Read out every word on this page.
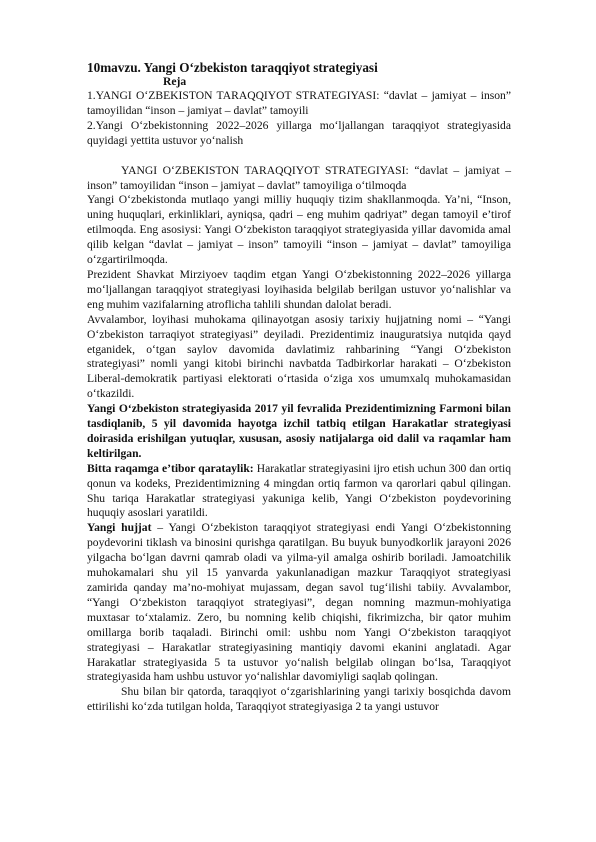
10mavzu. Yangi O‘zbekiston taraqqiyot strategiyasi
Reja

1.YANGI O‘ZBEKISTON TARAQQIYOT STRATEGIYASI: “davlat – jamiyat – inson” tamoyilidan “inson – jamiyat – davlat” tamoyili

2.Yangi O‘zbekistonning 2022–2026 yillarga mo‘ljallangan taraqqiyot strategiyasida quyidagi yettita ustuvor yo‘nalish

YANGI O‘ZBEKISTON TARAQQIYOT STRATEGIYASI: “davlat – jamiyat – inson” tamoyilidan “inson – jamiyat – davlat” tamoyiliga o‘tilmoqda

Yangi O‘zbekistonda mutlaqo yangi milliy huquqiy tizim shakllanmoqda. Ya’ni, “Inson, uning huquqlari, erkinliklari, ayniqsa, qadri – eng muhim qadriyat” degan tamoyil e’tirof etilmoqda. Eng asosiysi: Yangi O‘zbekiston taraqqiyot strategiyasida yillar davomida amal qilib kelgan “davlat – jamiyat – inson” tamoyili “inson – jamiyat – davlat” tamoyiliga o‘zgartirilmoqda.

Prezident Shavkat Mirziyoev taqdim etgan Yangi O‘zbekistonning 2022–2026 yillarga mo‘ljallangan taraqqiyot strategiyasi loyihasida belgilab berilgan ustuvor yo‘nalishlar va eng muhim vazifalarning atroflicha tahlili shundan dalolat beradi.

Avvalambor, loyihasi muhokama qilinayotgan asosiy tarixiy hujjatning nomi – “Yangi O‘zbekiston tarraqiyot strategiyasi” deyiladi. Prezidentimiz inauguratsiya nutqida qayd etganidek, o‘tgan saylov davomida davlatimiz rahbarining “Yangi O‘zbekiston strategiyasi” nomli yangi kitobi birinchi navbatda Tadbirkorlar harakati – O‘zbekiston Liberal-demokratik partiyasi elektorati o‘rtasida o‘ziga xos umumxalq muhokamasidan o‘tkazildi.

Yangi O‘zbekiston strategiyasida 2017 yil fevralida Prezidentimizning Farmoni bilan tasdiqlanib, 5 yil davomida hayotga izchil tatbiq etilgan Harakatlar strategiyasi doirasida erishilgan yutuqlar, xususan, asosiy natijalarga oid dalil va raqamlar ham keltirilgan.

Bitta raqamga e’tibor qarataylik: Harakatlar strategiyasini ijro etish uchun 300 dan ortiq qonun va kodeks, Prezidentimizning 4 mingdan ortiq farmon va qarorlari qabul qilingan. Shu tariqa Harakatlar strategiyasi yakuniga kelib, Yangi O‘zbekiston poydevorining huquqiy asoslari yaratildi.

Yangi hujjat – Yangi O‘zbekiston taraqqiyot strategiyasi endi Yangi O‘zbekistonning poydevorini tiklash va binosini qurishga qaratilgan. Bu buyuk bunyodkorlik jarayoni 2026 yilgacha bo‘lgan davrni qamrab oladi va yilma-yil amalga oshirib boriladi. Jamoatchilik muhokamalari shu yil 15 yanvarda yakunlanadigan mazkur Taraqqiyot strategiyasi zamirida qanday ma’no-mohiyat mujassam, degan savol tug‘ilishi tabiiy. Avvalambor, “Yangi O‘zbekiston taraqqiyot strategiyasi”, degan nomning mazmun-mohiyatiga muxtasar to‘xtalamiz. Zero, bu nomning kelib chiqishi, fikrimizcha, bir qator muhim omillarga borib taqaladi. Birinchi omil: ushbu nom Yangi O‘zbekiston taraqqiyot strategiyasi – Harakatlar strategiyasining mantiqiy davomi ekanini anglatadi. Agar Harakatlar strategiyasida 5 ta ustuvor yo‘nalish belgilab olingan bo‘lsa, Taraqqiyot strategiyasida ham ushbu ustuvor yo‘nalishlar davomiyligi saqlab qolingan.

Shu bilan bir qatorda, taraqqiyot o‘zgarishlarining yangi tarixiy bosqichda davom ettirilishi ko‘zda tutilgan holda, Taraqqiyot strategiyasiga 2 ta yangi ustuvor
